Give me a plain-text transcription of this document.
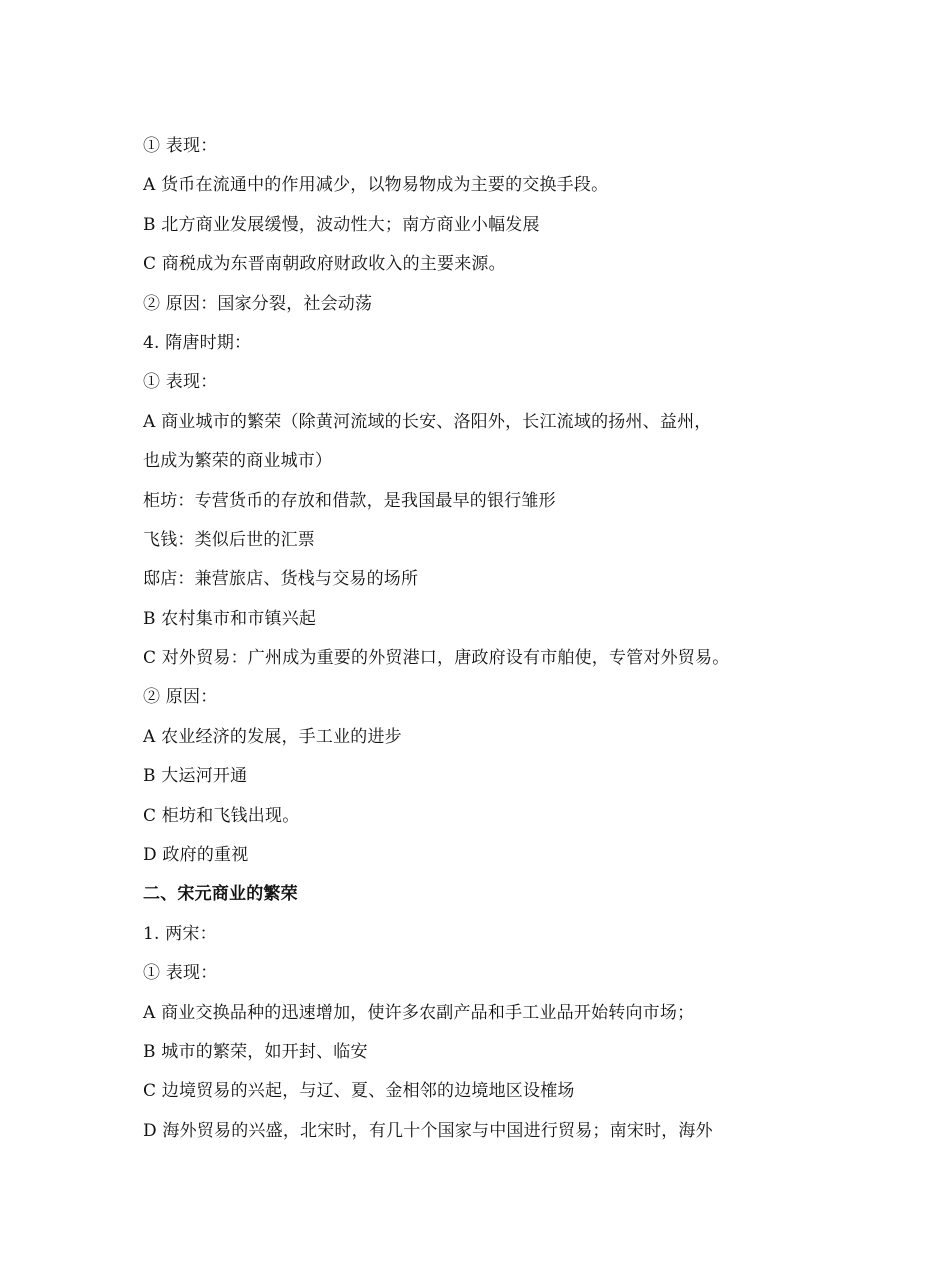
① 表现：
A 货币在流通中的作用减少，以物易物成为主要的交换手段。
B 北方商业发展缓慢，波动性大；南方商业小幅发展
C 商税成为东晋南朝政府财政收入的主要来源。
② 原因：国家分裂，社会动荡
4. 隋唐时期：
① 表现：
A 商业城市的繁荣（除黄河流域的长安、洛阳外，长江流域的扬州、益州，
也成为繁荣的商业城市）
柜坊：专营货币的存放和借款，是我国最早的银行雏形
飞钱：类似后世的汇票
邸店：兼营旅店、货栈与交易的场所
B 农村集市和市镇兴起
C 对外贸易：广州成为重要的外贸港口，唐政府设有市舶使，专管对外贸易。
② 原因：
A 农业经济的发展，手工业的进步
B 大运河开通
C 柜坊和飞钱出现。
D 政府的重视
二、宋元商业的繁荣
1. 两宋：
① 表现：
A 商业交换品种的迅速增加，使许多农副产品和手工业品开始转向市场；
B 城市的繁荣，如开封、临安
C 边境贸易的兴起，与辽、夏、金相邻的边境地区设榷场
D 海外贸易的兴盛，北宋时，有几十个国家与中国进行贸易；南宋时，海外
